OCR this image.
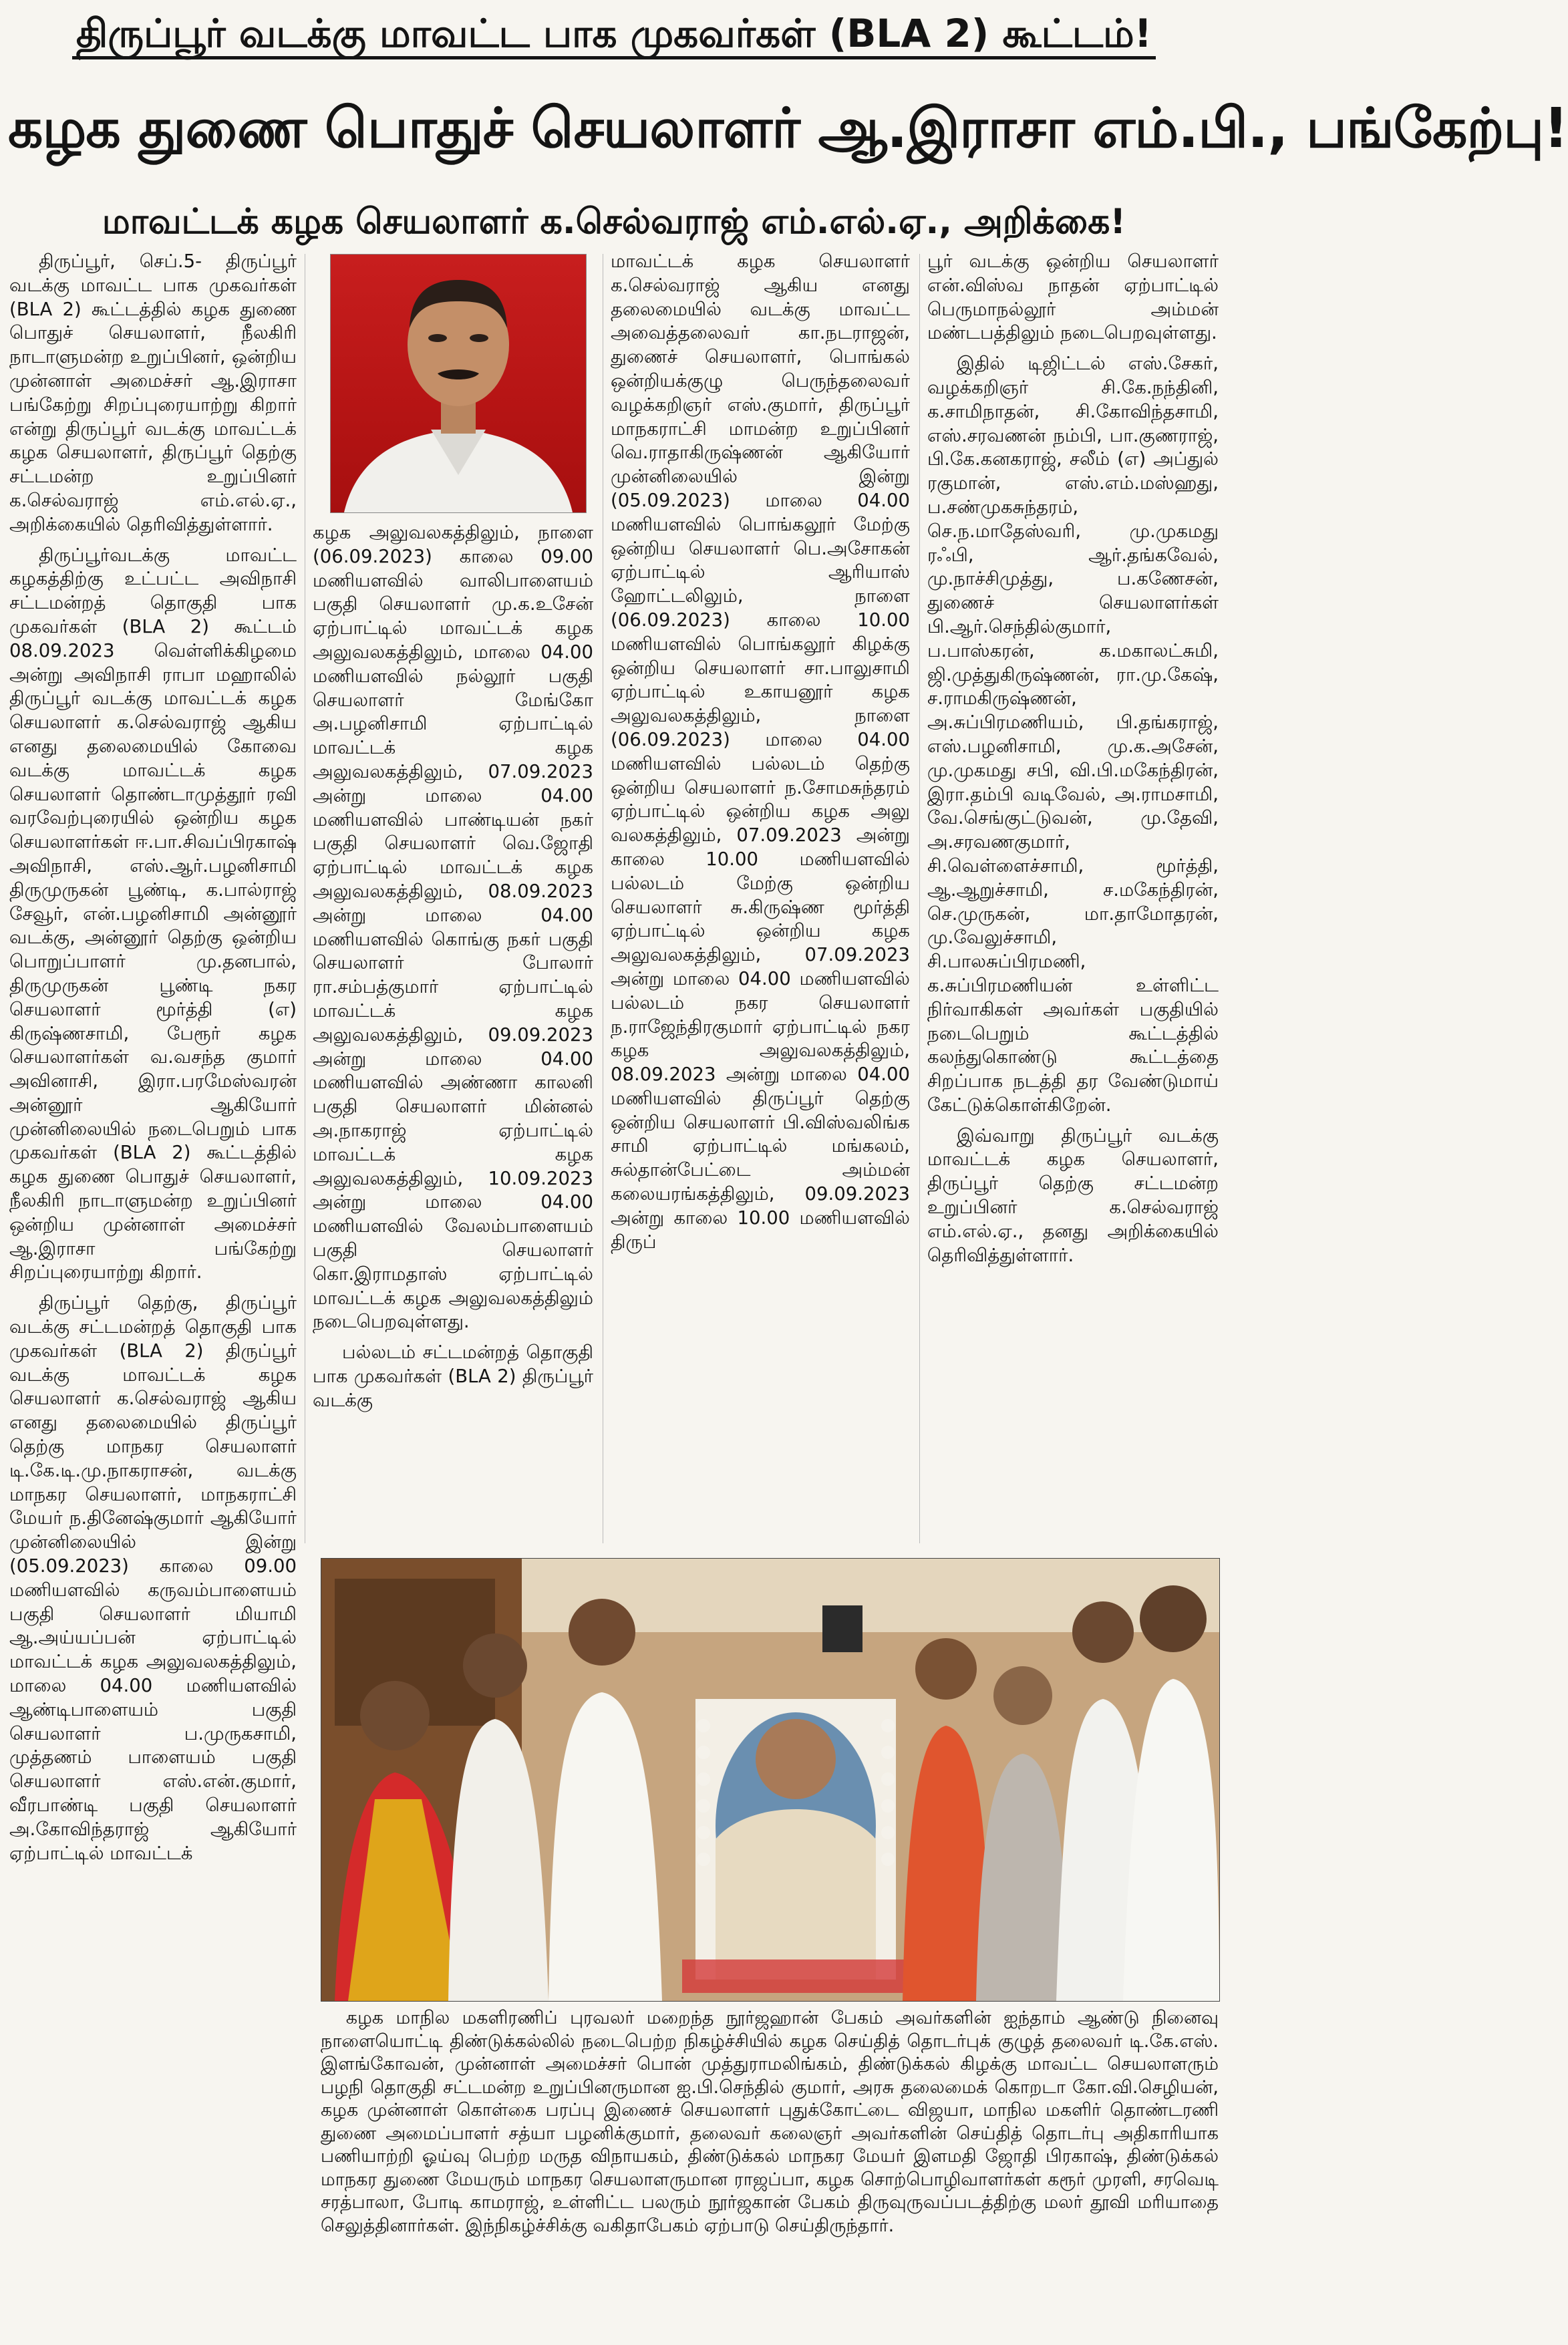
திருப்பூர் வடக்கு மாவட்ட பாக முகவர்கள் (BLA 2) கூட்டம்!
கழக துணை பொதுச் செயலாளர் ஆ.இராசா எம்.பி., பங்கேற்பு!
மாவட்டக் கழக செயலாளர் க.செல்வராஜ் எம்.எல்.ஏ., அறிக்கை!

திருப்பூர், செப்.5- திருப்பூர் வடக்கு மாவட்ட பாக முகவர்கள் (BLA 2) கூட்டத்தில் கழக துணை பொதுச் செயலாளர், நீலகிரி நாடாளுமன்ற உறுப்பினர், ஒன்றிய முன்னாள் அமைச்சர் ஆ.இராசா பங்கேற்று சிறப்புரையாற்று கிறார் என்று திருப்பூர் வடக்கு மாவட்டக் கழக செயலாளர், திருப்பூர் தெற்கு சட்டமன்ற உறுப்பினர் க.செல்வராஜ் எம்.எல்.ஏ., அறிக்கையில் தெரிவித்துள்ளார்.

திருப்பூர்வடக்கு மாவட்ட கழகத்திற்கு உட்பட்ட அவிநாசி சட்டமன்றத் தொகுதி பாக முகவர்கள் (BLA 2) கூட்டம் 08.09.2023 வெள்ளிக்கிழமை அன்று அவிநாசி ராபா மஹாலில் திருப்பூர் வடக்கு மாவட்டக் கழக செயலாளர் க.செல்வராஜ் ஆகிய எனது தலைமையில் கோவை வடக்கு மாவட்டக் கழக செயலாளர் தொண்டாமுத்தூர் ரவி வரவேற்புரையில் ஒன்றிய கழக செயலாளர்கள் ஈ.பா.சிவப்பிரகாஷ் அவிநாசி, எஸ்.ஆர்.பழனிசாமி திருமுருகன் பூண்டி, க.பால்ராஜ் சேவூர், என்.பழனிசாமி அன்னூர் வடக்கு, அன்னூர் தெற்கு ஒன்றிய பொறுப்பாளர் மு.தனபால், திருமுருகன் பூண்டி நகர செயலாளர் மூர்த்தி (எ) கிருஷ்ணசாமி, பேரூர் கழக செயலாளர்கள் வ.வசந்த குமார் அவினாசி, இரா.பரமேஸ்வரன் அன்னூர் ஆகியோர் முன்னிலையில் நடைபெறும் பாக முகவர்கள் (BLA 2) கூட்டத்தில் கழக துணை பொதுச் செயலாளர், நீலகிரி நாடாளுமன்ற உறுப்பினர் ஒன்றிய முன்னாள் அமைச்சர் ஆ.இராசா பங்கேற்று சிறப்புரையாற்று கிறார்.

திருப்பூர் தெற்கு, திருப்பூர் வடக்கு சட்டமன்றத் தொகுதி பாக முகவர்கள் (BLA 2) திருப்பூர் வடக்கு மாவட்டக் கழக செயலாளர் க.செல்வராஜ் ஆகிய எனது தலைமையில் திருப்பூர் தெற்கு மாநகர செயலாளர் டி.கே.டி.மு.நாகராசன், வடக்கு மாநகர செயலாளர், மாநகராட்சி மேயர் ந.தினேஷ்குமார் ஆகியோர் முன்னிலையில் இன்று (05.09.2023) காலை 09.00 மணியளவில் கருவம்பாளையம் பகுதி செயலாளர் மியாமி ஆ.அய்யப்பன் ஏற்பாட்டில் மாவட்டக் கழக அலுவலகத்திலும், மாலை 04.00 மணியளவில் ஆண்டிபாளையம் பகுதி செயலாளர் ப.முருகசாமி, முத்தணம் பாளையம் பகுதி செயலாளர் எஸ்.என்.குமார், வீரபாண்டி பகுதி செயலாளர் அ.கோவிந்தராஜ் ஆகியோர் ஏற்பாட்டில் மாவட்டக்

கழக அலுவலகத்திலும், நாளை (06.09.2023) காலை 09.00 மணியளவில் வாலிபாளையம் பகுதி செயலாளர் மு.க.உசேன் ஏற்பாட்டில் மாவட்டக் கழக அலுவலகத்திலும், மாலை 04.00 மணியளவில் நல்லூர் பகுதி செயலாளர் மேங்கோ அ.பழனிசாமி ஏற்பாட்டில் மாவட்டக் கழக அலுவலகத்திலும், 07.09.2023 அன்று மாலை 04.00 மணியளவில் பாண்டியன் நகர் பகுதி செயலாளர் வெ.ஜோதி ஏற்பாட்டில் மாவட்டக் கழக அலுவலகத்திலும், 08.09.2023 அன்று மாலை 04.00 மணியளவில் கொங்கு நகர் பகுதி செயலாளர் போலார் ரா.சம்பத்குமார் ஏற்பாட்டில் மாவட்டக் கழக அலுவலகத்திலும், 09.09.2023 அன்று மாலை 04.00 மணியளவில் அண்ணா காலனி பகுதி செயலாளர் மின்னல் அ.நாகராஜ் ஏற்பாட்டில் மாவட்டக் கழக அலுவலகத்திலும், 10.09.2023 அன்று மாலை 04.00 மணியளவில் வேலம்பாளையம் பகுதி செயலாளர் கொ.இராமதாஸ் ஏற்பாட்டில் மாவட்டக் கழக அலுவலகத்திலும் நடைபெறவுள்ளது.

பல்லடம் சட்டமன்றத் தொகுதி பாக முகவர்கள் (BLA 2) திருப்பூர் வடக்கு

மாவட்டக் கழக செயலாளர் க.செல்வராஜ் ஆகிய எனது தலைமையில் வடக்கு மாவட்ட அவைத்தலைவர் கா.நடராஜன், துணைச் செயலாளர், பொங்கல் ஒன்றியக்குழு பெருந்தலைவர் வழக்கறிஞர் எஸ்.குமார், திருப்பூர் மாநகராட்சி மாமன்ற உறுப்பினர் வெ.ராதாகிருஷ்ணன் ஆகியோர் முன்னிலையில் இன்று (05.09.2023) மாலை 04.00 மணியளவில் பொங்கலூர் மேற்கு ஒன்றிய செயலாளர் பெ.அசோகன் ஏற்பாட்டில் ஆரியாஸ் ஹோட்டலிலும், நாளை (06.09.2023) காலை 10.00 மணியளவில் பொங்கலூர் கிழக்கு ஒன்றிய செயலாளர் சா.பாலுசாமி ஏற்பாட்டில் உகாயனூர் கழக அலுவலகத்திலும், நாளை (06.09.2023) மாலை 04.00 மணியளவில் பல்லடம் தெற்கு ஒன்றிய செயலாளர் ந.சோமசுந்தரம் ஏற்பாட்டில் ஒன்றிய கழக அலு வலகத்திலும், 07.09.2023 அன்று காலை 10.00 மணியளவில் பல்லடம் மேற்கு ஒன்றிய செயலாளர் சு.கிருஷ்ண மூர்த்தி ஏற்பாட்டில் ஒன்றிய கழக அலுவலகத்திலும், 07.09.2023 அன்று மாலை 04.00 மணியளவில் பல்லடம் நகர செயலாளர் ந.ராஜேந்திரகுமார் ஏற்பாட்டில் நகர கழக அலுவலகத்திலும், 08.09.2023 அன்று மாலை 04.00 மணியளவில் திருப்பூர் தெற்கு ஒன்றிய செயலாளர் பி.விஸ்வலிங்க சாமி ஏற்பாட்டில் மங்கலம், சுல்தான்பேட்டை அம்மன் கலையரங்கத்திலும், 09.09.2023 அன்று காலை 10.00 மணியளவில் திருப்

பூர் வடக்கு ஒன்றிய செயலாளர் என்.விஸ்வ நாதன் ஏற்பாட்டில் பெருமாநல்லூர் அம்மன் மண்டபத்திலும் நடைபெறவுள்ளது.

இதில் டிஜிட்டல் எஸ்.சேகர், வழக்கறிஞர் சி.கே.நந்தினி, க.சாமிநாதன், சி.கோவிந்தசாமி, எஸ்.சரவணன் நம்பி, பா.குணராஜ், பி.கே.கனகராஜ், சலீம் (எ) அப்துல் ரகுமான், எஸ்.எம்.மஸ்ஹது, ப.சண்முகசுந்தரம், செ.ந.மாதேஸ்வரி, மு.முகமது ரஃபி, ஆர்.தங்கவேல், மு.நாச்சிமுத்து, ப.கணேசன், துணைச் செயலாளர்கள் பி.ஆர்.செந்தில்குமார், ப.பாஸ்கரன், க.மகாலட்சுமி, ஜி.முத்துகிருஷ்ணன், ரா.மு.கேஷ், ச.ராமகிருஷ்ணன், அ.சுப்பிரமணியம், பி.தங்கராஜ், எஸ்.பழனிசாமி, மு.க.அசேன், மு.முகமது சபி, வி.பி.மகேந்திரன், இரா.தம்பி வடிவேல், அ.ராமசாமி, வே.செங்குட்டுவன், மு.தேவி, அ.சரவணகுமார், சி.வெள்ளைச்சாமி, மூர்த்தி, ஆ.ஆறுச்சாமி, ச.மகேந்திரன், செ.முருகன், மா.தாமோதரன், மு.வேலுச்சாமி, சி.பாலசுப்பிரமணி, க.சுப்பிரமணியன் உள்ளிட்ட நிர்வாகிகள் அவர்கள் பகுதியில் நடைபெறும் கூட்டத்தில் கலந்துகொண்டு கூட்டத்தை சிறப்பாக நடத்தி தர வேண்டுமாய் கேட்டுக்கொள்கிறேன்.

இவ்வாறு திருப்பூர் வடக்கு மாவட்டக் கழக செயலாளர், திருப்பூர் தெற்கு சட்டமன்ற உறுப்பினர் க.செல்வராஜ் எம்.எல்.ஏ., தனது அறிக்கையில் தெரிவித்துள்ளார்.

கழக மாநில மகளிரணிப் புரவலர் மறைந்த நூர்ஜஹான் பேகம் அவர்களின் ஐந்தாம் ஆண்டு நினைவு நாளையொட்டி திண்டுக்கல்லில் நடைபெற்ற நிகழ்ச்சியில் கழக செய்தித் தொடர்புக் குழுத் தலைவர் டி.கே.எஸ். இளங்கோவன், முன்னாள் அமைச்சர் பொன் முத்துராமலிங்கம், திண்டுக்கல் கிழக்கு மாவட்ட செயலாளரும் பழநி தொகுதி சட்டமன்ற உறுப்பினருமான ஐ.பி.செந்தில் குமார், அரசு தலைமைக் கொறடா கோ.வி.செழியன், கழக முன்னாள் கொள்கை பரப்பு இணைச் செயலாளர் புதுக்கோட்டை விஜயா, மாநில மகளிர் தொண்டரணி துணை அமைப்பாளர் சத்யா பழனிக்குமார், தலைவர் கலைஞர் அவர்களின் செய்தித் தொடர்பு அதிகாரியாக பணியாற்றி ஓய்வு பெற்ற மருத விநாயகம், திண்டுக்கல் மாநகர மேயர் இளமதி ஜோதி பிரகாஷ், திண்டுக்கல் மாநகர துணை மேயரும் மாநகர செயலாளருமான ராஜப்பா, கழக சொற்பொழிவாளர்கள் கரூர் முரளி, சரவெடி சரத்பாலா, போடி காமராஜ், உள்ளிட்ட பலரும் நூர்ஜகான் பேகம் திருவுருவப்படத்திற்கு மலர் தூவி மரியாதை செலுத்தினார்கள். இந்நிகழ்ச்சிக்கு வகிதாபேகம் ஏற்பாடு செய்திருந்தார்.
